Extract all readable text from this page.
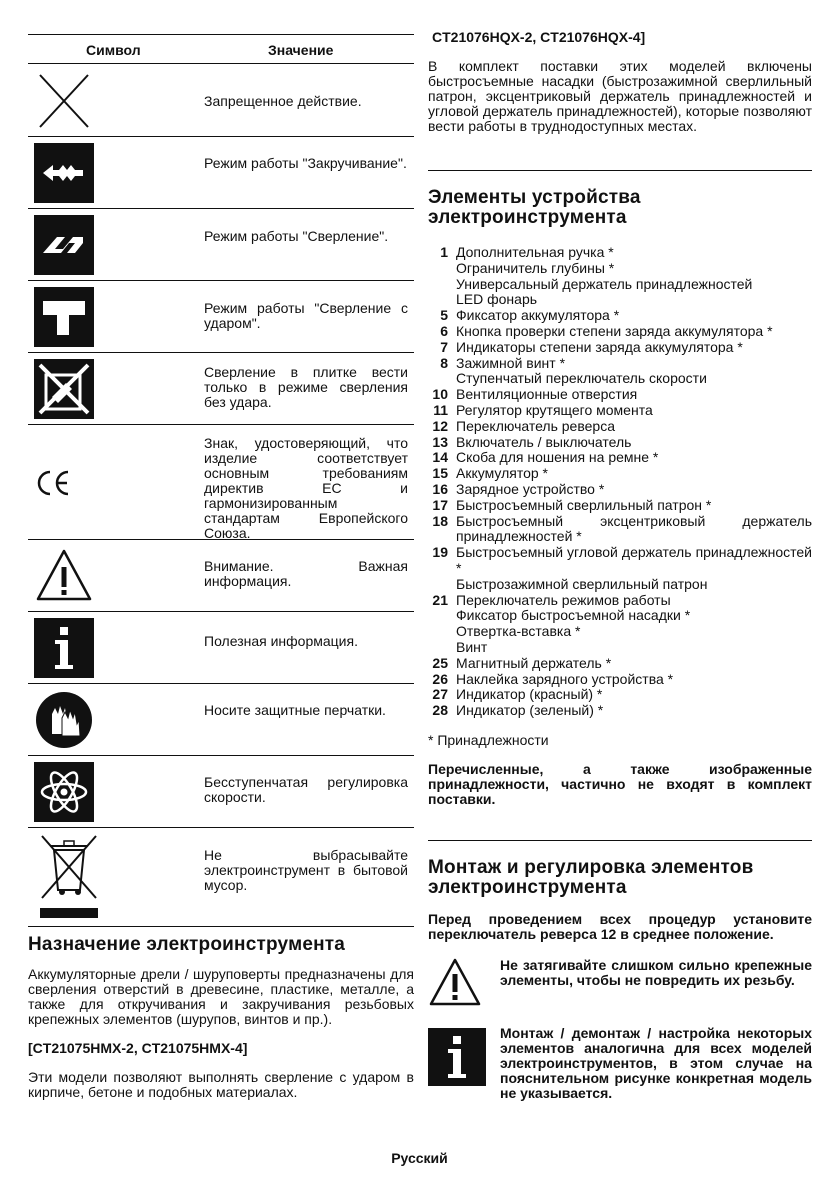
Символ	Значение
Запрещенное действие.
Режим работы "Закручивание".
Режим работы "Сверление".
Режим работы "Сверление с ударом".
Сверление в плитке вести только в режиме сверления без удара.
Знак, удостоверяющий, что изделие соответствует основным требованиям директив ЕС и гармонизированным стандартам Европейского Союза.
Внимание. Важная информация.
Полезная информация.
Носите защитные перчатки.
Бесступенчатая регулировка скорости.
Не выбрасывайте электроинструмент в бытовой мусор.
Назначение электроинструмента

Аккумуляторные дрели / шуруповерты предназначены для сверления отверстий в древесине, пластике, металле, а также для откручивания и закручивания резьбовых крепежных элементов (шурупов, винтов и пр.).

[CT21075HMX-2, CT21075HMX-4]

Эти модели позволяют выполнять сверление с ударом в кирпиче, бетоне и подобных материалах.

CT21076HQX-2, CT21076HQX-4]

В комплект поставки этих моделей включены быстросъемные насадки (быстрозажимной сверлильный патрон, эксцентриковый держатель принадлежностей и угловой держатель принадлежностей), которые позволяют вести работы в труднодоступных местах.

Элементы устройства электроинструмента
1 Дополнительная ручка *
Ограничитель глубины *
Универсальный держатель принадлежностей
LED фонарь
5 Фиксатор аккумулятора *
6 Кнопка проверки степени заряда аккумулятора *
7 Индикаторы степени заряда аккумулятора *
8 Зажимной винт *
Ступенчатый переключатель скорости
10 Вентиляционные отверстия
11 Регулятор крутящего момента
12 Переключатель реверса
13 Включатель / выключатель
14 Скоба для ношения на ремне *
15 Аккумулятор *
16 Зарядное устройство *
17 Быстросъемный сверлильный патрон *
18 Быстросъемный эксцентриковый держатель принадлежностей *
19 Быстросъемный угловой держатель принадлежностей *
Быстрозажимной сверлильный патрон
21 Переключатель режимов работы
Фиксатор быстросъемной насадки *
Отвертка-вставка *
Винт
25 Магнитный держатель *
26 Наклейка зарядного устройства *
27 Индикатор (красный) *
28 Индикатор (зеленый) *

* Принадлежности

Перечисленные, а также изображенные принадлежности, частично не входят в комплект поставки.

Монтаж и регулировка элементов электроинструмента

Перед проведением всех процедур установите переключатель реверса 12 в среднее положение.

Не затягивайте слишком сильно крепежные элементы, чтобы не повредить их резьбу.

Монтаж / демонтаж / настройка некоторых элементов аналогична для всех моделей электроинструментов, в этом случае на пояснительном рисунке конкретная модель не указывается.

Русский
